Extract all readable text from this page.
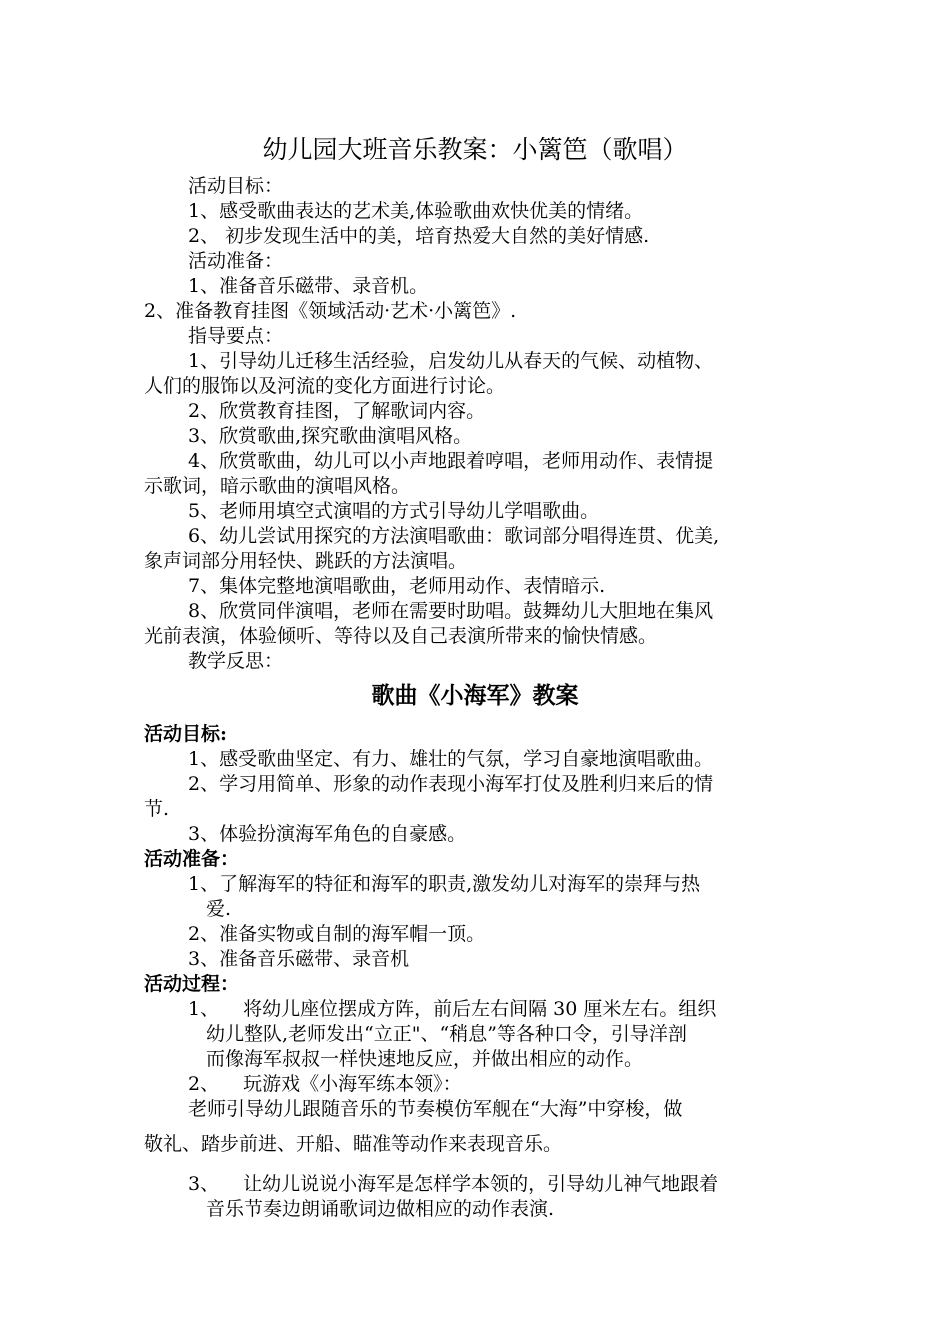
幼儿园大班音乐教案：小篱笆（歌唱）
活动目标：
1、感受歌曲表达的艺术美,体验歌曲欢快优美的情绪。
2、 初步发现生活中的美，培育热爱大自然的美好情感.
活动准备：
1、准备音乐磁带、录音机。
2、准备教育挂图《领域活动·艺术·小篱笆》.
指导要点：
1、引导幼儿迁移生活经验，启发幼儿从春天的气候、动植物、
人们的服饰以及河流的变化方面进行讨论。
2、欣赏教育挂图，了解歌词内容。
3、欣赏歌曲,探究歌曲演唱风格。
4、欣赏歌曲，幼儿可以小声地跟着哼唱，老师用动作、表情提
示歌词，暗示歌曲的演唱风格。
5、老师用填空式演唱的方式引导幼儿学唱歌曲。
6、幼儿尝试用探究的方法演唱歌曲：歌词部分唱得连贯、优美,
象声词部分用轻快、跳跃的方法演唱。
7、集体完整地演唱歌曲，老师用动作、表情暗示.
8、欣赏同伴演唱，老师在需要时助唱。鼓舞幼儿大胆地在集风
光前表演，体验倾听、等待以及自己表演所带来的愉快情感。
教学反思：
歌曲《小海军》教案
活动目标:
1、感受歌曲坚定、有力、雄壮的气氛，学习自豪地演唱歌曲。
2、学习用简单、形象的动作表现小海军打仗及胜利归来后的情
节.
3、体验扮演海军角色的自豪感。
活动准备：
1、了解海军的特征和海军的职责,激发幼儿对海军的崇拜与热
爱.
2、准备实物或自制的海军帽一顶。
3、准备音乐磁带、录音机
活动过程：
1、 将幼儿座位摆成方阵，前后左右间隔 30 厘米左右。组织
幼儿整队,老师发出“立正"、“稍息”等各种口令，引导洋剖
而像海军叔叔一样快速地反应，并做出相应的动作。
2、 玩游戏《小海军练本领》：
老师引导幼儿跟随音乐的节奏模仿军舰在“大海”中穿梭，做
敬礼、踏步前进、开船、瞄准等动作来表现音乐。
3、 让幼儿说说小海军是怎样学本领的，引导幼儿神气地跟着
音乐节奏边朗诵歌词边做相应的动作表演.
